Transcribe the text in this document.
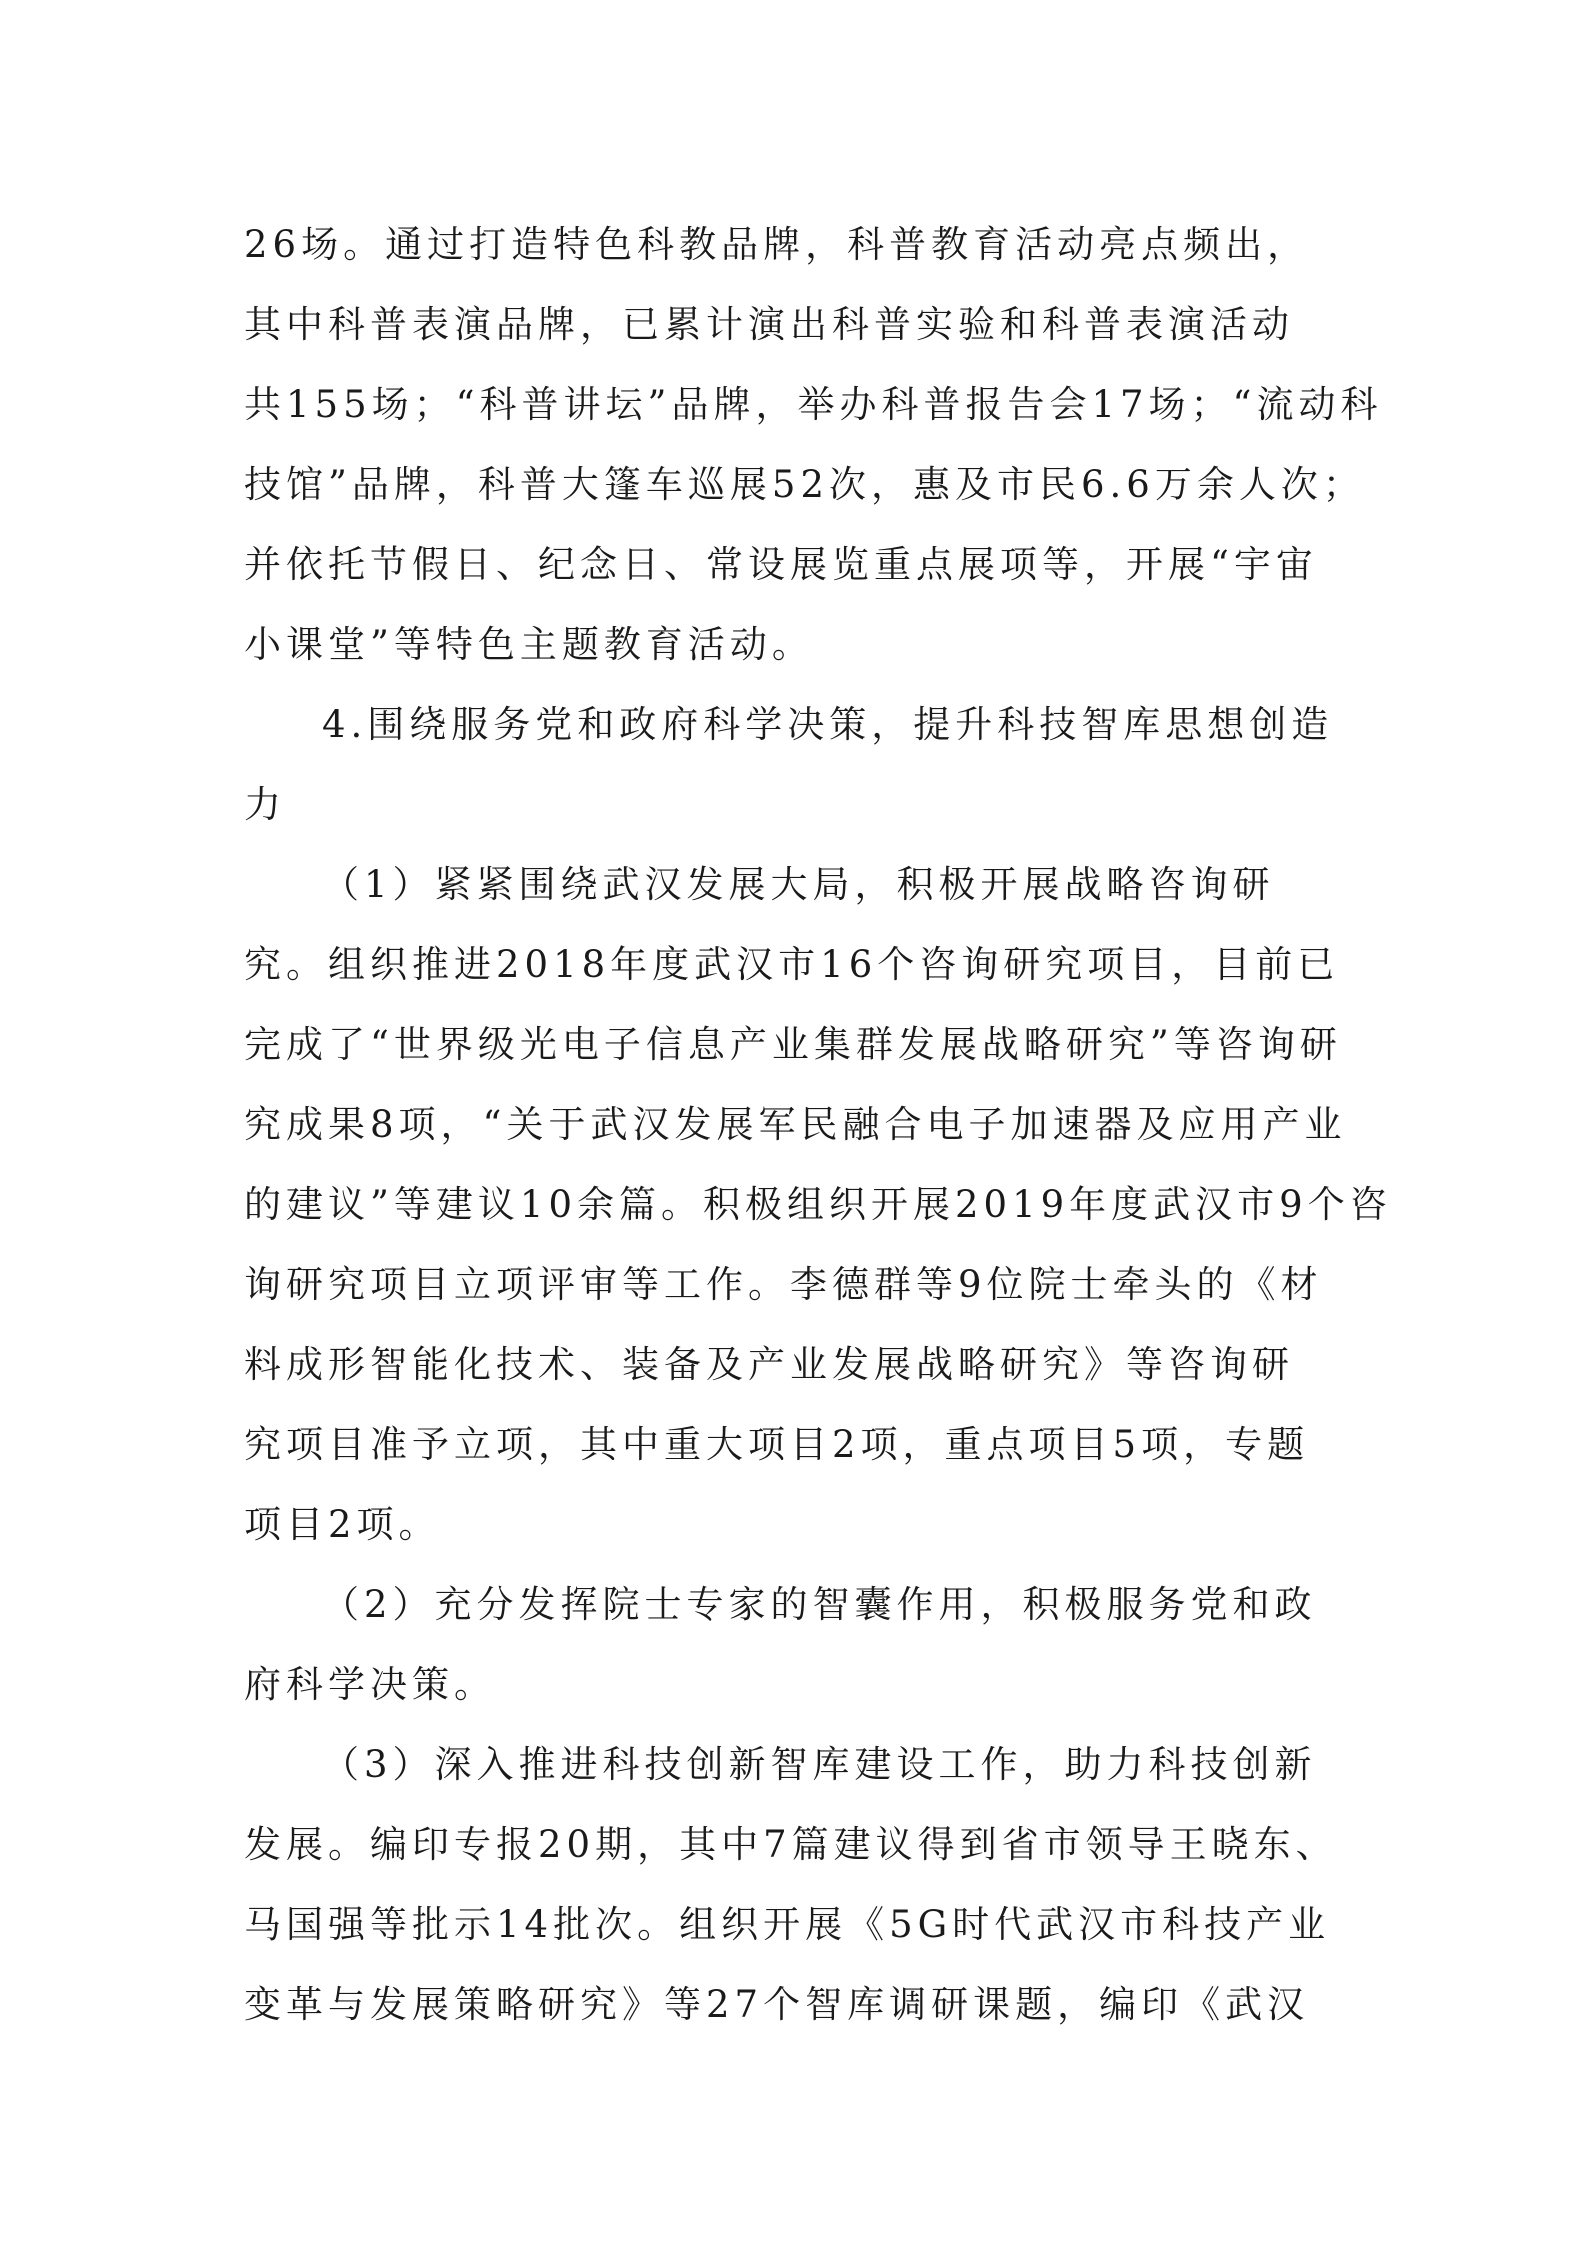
26场。通过打造特色科教品牌，科普教育活动亮点频出，
其中科普表演品牌，已累计演出科普实验和科普表演活动
共155场；“科普讲坛”品牌，举办科普报告会17场；“流动科
技馆”品牌，科普大篷车巡展52次，惠及市民6.6万余人次；
并依托节假日、纪念日、常设展览重点展项等，开展“宇宙
小课堂”等特色主题教育活动。
4.围绕服务党和政府科学决策，提升科技智库思想创造
力
（1）紧紧围绕武汉发展大局，积极开展战略咨询研
究。组织推进2018年度武汉市16个咨询研究项目，目前已
完成了“世界级光电子信息产业集群发展战略研究”等咨询研
究成果8项，“关于武汉发展军民融合电子加速器及应用产业
的建议”等建议10余篇。积极组织开展2019年度武汉市9个咨
询研究项目立项评审等工作。李德群等9位院士牵头的《材
料成形智能化技术、装备及产业发展战略研究》等咨询研
究项目准予立项，其中重大项目2项，重点项目5项，专题
项目2项。
（2）充分发挥院士专家的智囊作用，积极服务党和政
府科学决策。
（3）深入推进科技创新智库建设工作，助力科技创新
发展。编印专报20期，其中7篇建议得到省市领导王晓东、
马国强等批示14批次。组织开展《5G时代武汉市科技产业
变革与发展策略研究》等27个智库调研课题，编印《武汉
